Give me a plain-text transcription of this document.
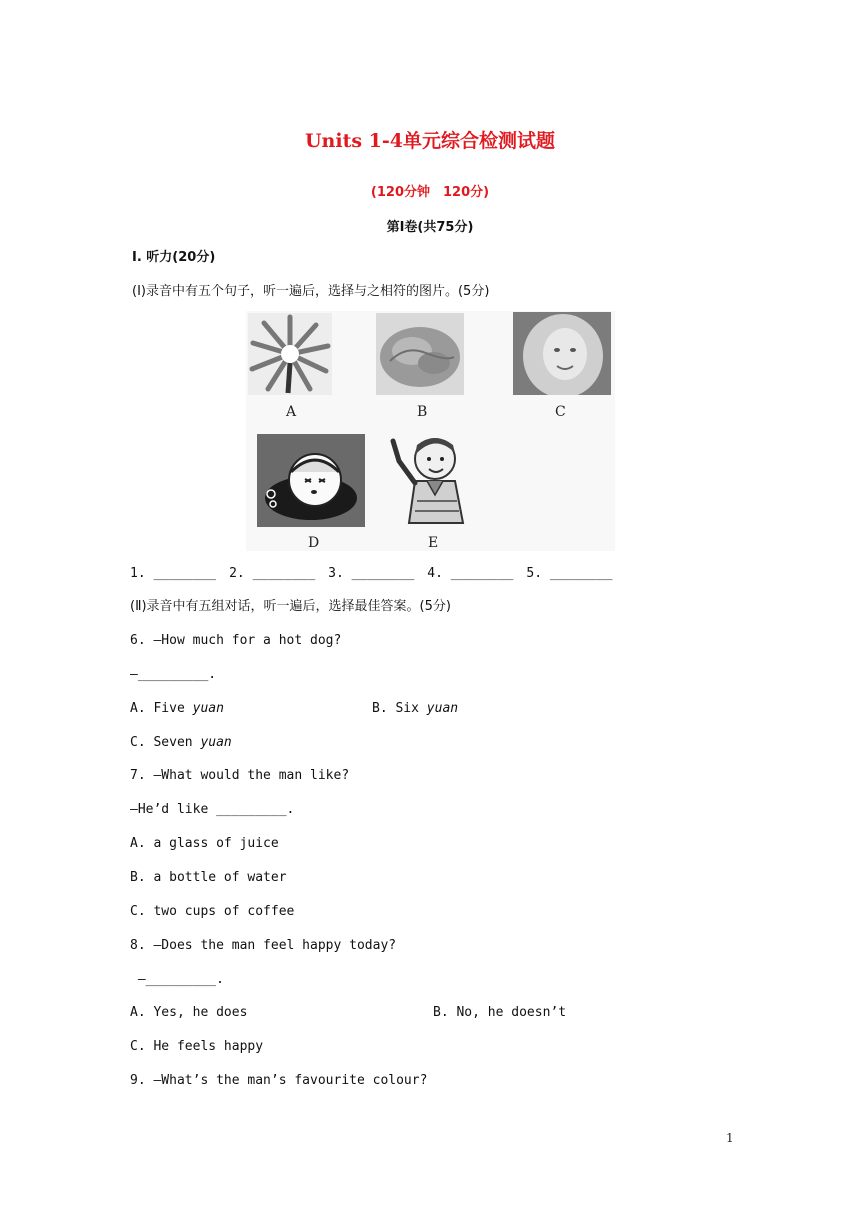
Units 1-4单元综合检测试题
(120分钟　120分)
第Ⅰ卷(共75分)
Ⅰ. 听力(20分)
(Ⅰ)录音中有五个句子，听一遍后，选择与之相符的图片。(5分)
A	B	C
D	E
1. ________　2. ________　3. ________　4. ________　5. ________
(Ⅱ)录音中有五组对话，听一遍后，选择最佳答案。(5分)
6. —How much for a hot dog?
—_________.
A. Five yuan	B. Six yuan
C. Seven yuan
7. —What would the man like?
—He’d like _________.
A. a glass of juice
B. a bottle of water
C. two cups of coffee
8. —Does the man feel happy today?
—_________.
A. Yes, he does	B. No, he doesn’t
C. He feels happy
9. —What’s the man’s favourite colour?
1
